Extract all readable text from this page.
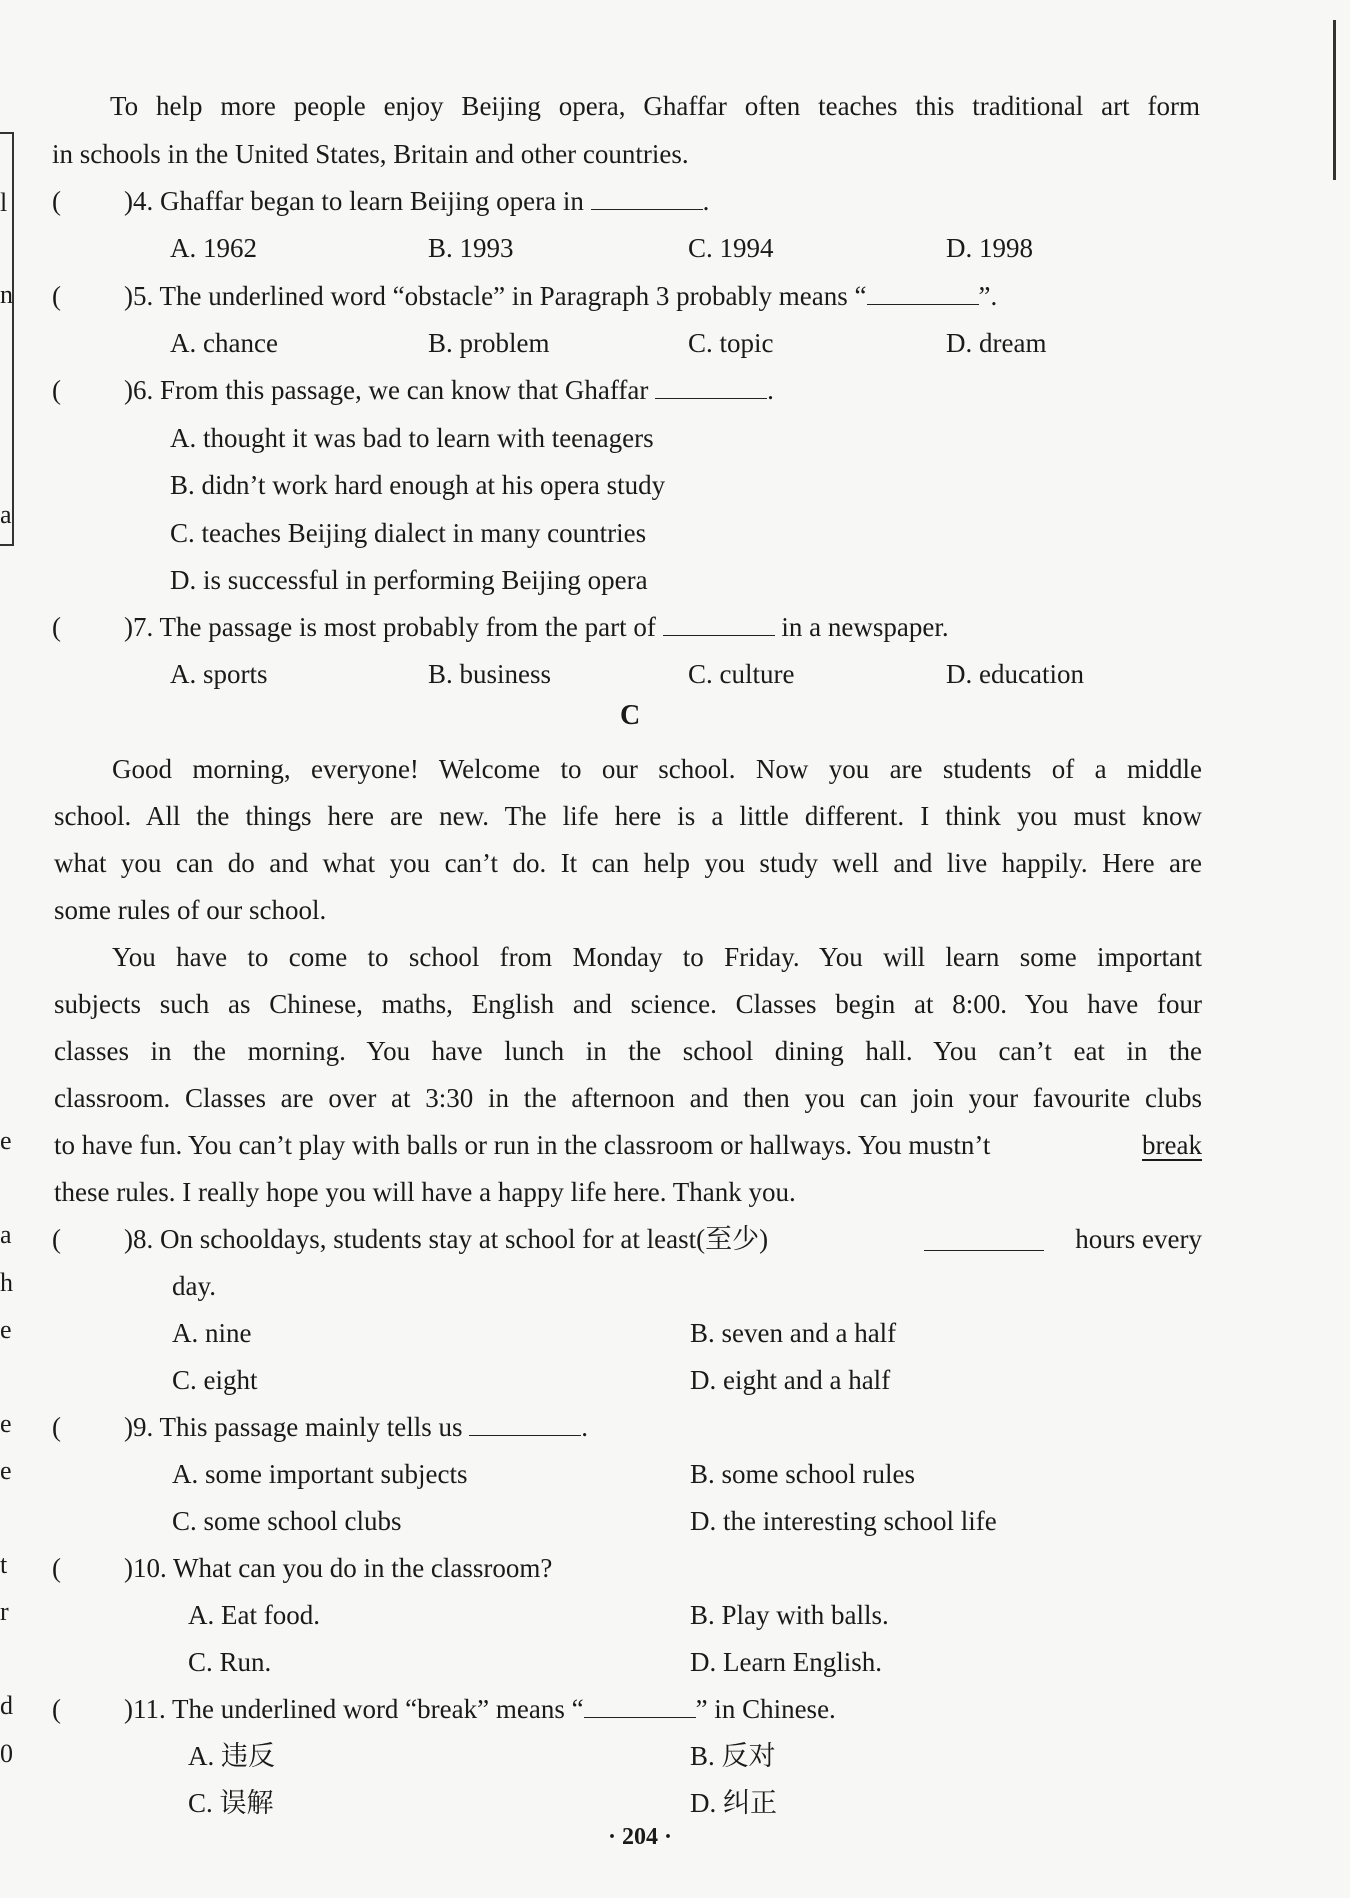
l
n
a
e
a
h
e
e
e
t
r
d
0
To help more people enjoy Beijing opera, Ghaffar often teaches this traditional art form
in schools in the United States, Britain and other countries.
( )4. Ghaffar began to learn Beijing opera in	.
A. 1962	B. 1993	C. 1994	D. 1998
( )5. The underlined word “obstacle” in Paragraph 3 probably means “	”.
A. chance	B. problem	C. topic	D. dream
( )6. From this passage, we can know that Ghaffar	.
A. thought it was bad to learn with teenagers
B. didn’t work hard enough at his opera study
C. teaches Beijing dialect in many countries
D. is successful in performing Beijing opera
( )7. The passage is most probably from the part of	in a newspaper.
A. sports	B. business	C. culture	D. education
C
Good morning, everyone! Welcome to our school. Now you are students of a middle
school. All the things here are new. The life here is a little different. I think you must know
what you can do and what you can’t do. It can help you study well and live happily. Here are
some rules of our school.
You have to come to school from Monday to Friday. You will learn some important
subjects such as Chinese, maths, English and science. Classes begin at 8:00. You have four
classes in the morning. You have lunch in the school dining hall. You can’t eat in the
classroom. Classes are over at 3:30 in the afternoon and then you can join your favourite clubs
to have fun. You can’t play with balls or run in the classroom or hallways. You mustn’t	break
these rules. I really hope you will have a happy life here. Thank you.
( )8. On schooldays, students stay at school for at least(至少)	hours every
day.
A. nine	B. seven and a half
C. eight	D. eight and a half
( )9. This passage mainly tells us	.
A. some important subjects	B. some school rules
C. some school clubs	D. the interesting school life
( )10. What can you do in the classroom?
A. Eat food.	B. Play with balls.
C. Run.	D. Learn English.
( )11. The underlined word “break” means “	” in Chinese.
A. 违反	B. 反对
C. 误解	D. 纠正
· 204 ·
